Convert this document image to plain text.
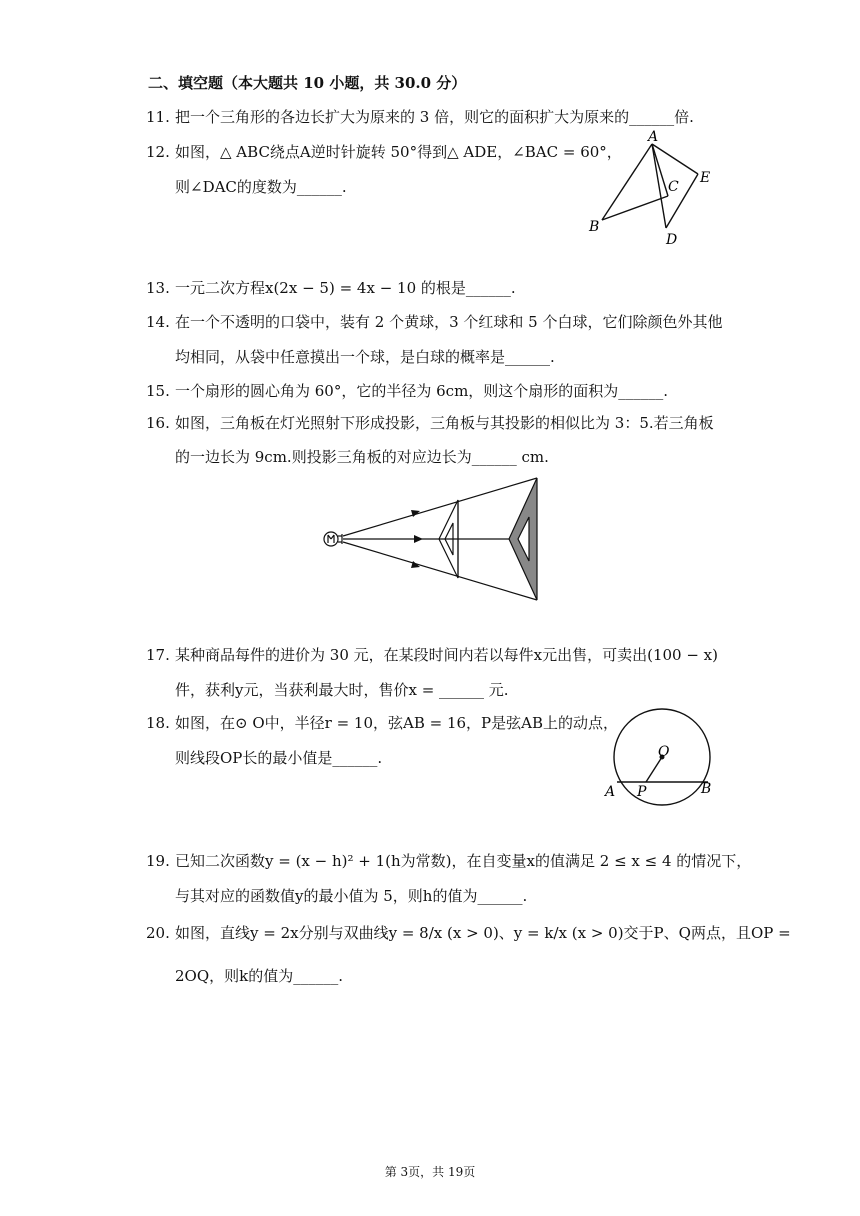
二、填空题（本大题共 10 小题，共 30.0 分）
11. 把一个三角形的各边长扩大为原来的 3 倍，则它的面积扩大为原来的______倍.
12. 如图，△ ABC绕点A逆时针旋转 50°得到△ ADE，∠BAC = 60°，
则∠DAC的度数为______.
A
B
C
D
E
13. 一元二次方程x(2x − 5) = 4x − 10 的根是______.
14. 在一个不透明的口袋中，装有 2 个黄球，3 个红球和 5 个白球，它们除颜色外其他
均相同，从袋中任意摸出一个球，是白球的概率是______.
15. 一个扇形的圆心角为 60°，它的半径为 6cm，则这个扇形的面积为______.
16. 如图，三角板在灯光照射下形成投影，三角板与其投影的相似比为 3：5.若三角板
的一边长为 9cm.则投影三角板的对应边长为______ cm.
17. 某种商品每件的进价为 30 元，在某段时间内若以每件x元出售，可卖出(100 − x)
件，获利y元，当获利最大时，售价x = ______ 元.
18. 如图，在⊙ O中，半径r = 10，弦AB = 16，P是弦AB上的动点，
则线段OP长的最小值是______.	O
A P	B
19. 已知二次函数y = (x − h)² + 1(h为常数)，在自变量x的值满足 2 ≤ x ≤ 4 的情况下，
与其对应的函数值y的最小值为 5，则h的值为______.
20. 如图，直线y = 2x分别与双曲线y = 8/x (x > 0)、y = k/x (x > 0)交于P、Q两点，且OP =
2OQ，则k的值为______.
第 3页，共 19页
